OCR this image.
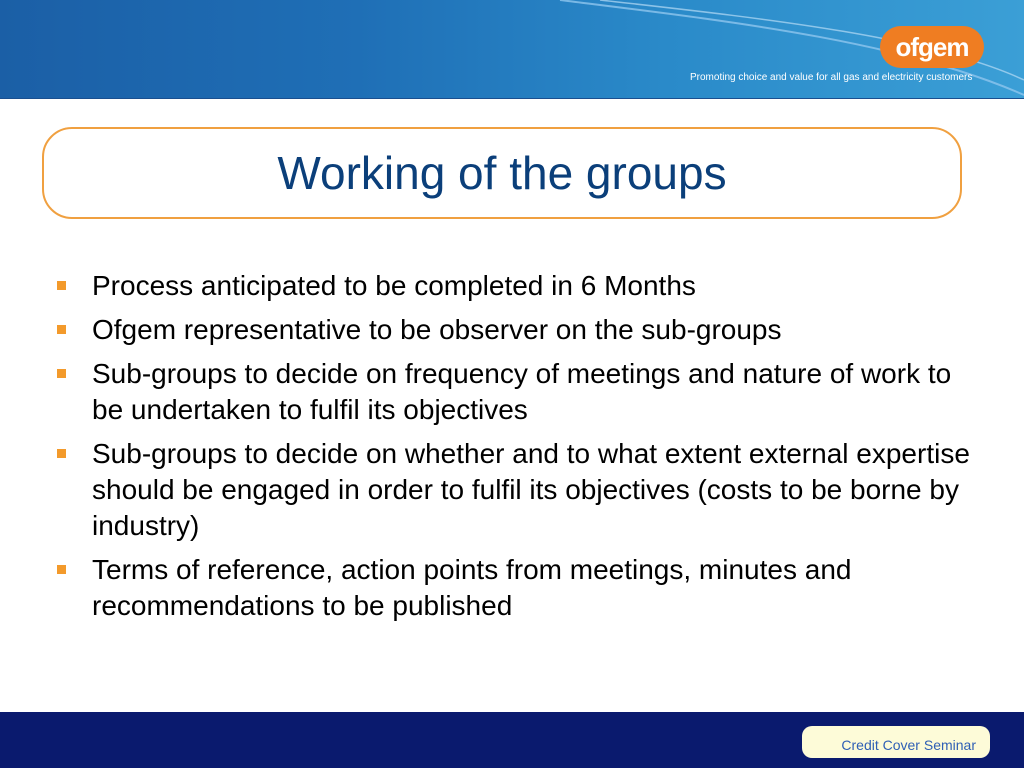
ofgem
Promoting choice and value for all gas and electricity customers
Working of the groups
Process anticipated to be completed in 6 Months
Ofgem representative to be observer on the sub-groups
Sub-groups to decide on frequency of meetings and nature of work to be undertaken to fulfil its objectives
Sub-groups to decide on whether and to what extent external expertise should be engaged in order to fulfil its objectives (costs to be borne by industry)
Terms of reference, action points from meetings, minutes and recommendations to be published
Credit Cover Seminar
